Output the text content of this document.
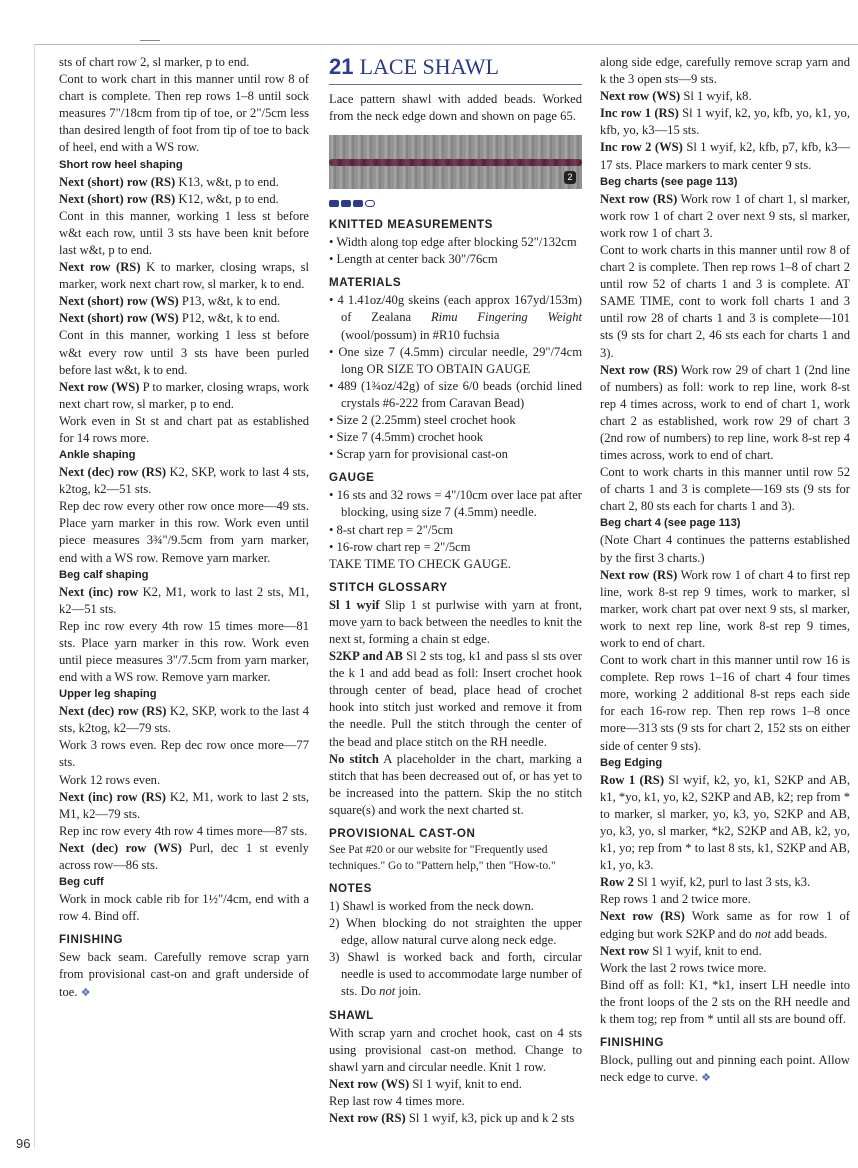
sts of chart row 2, sl marker, p to end.

Cont to work chart in this manner until row 8 of chart is complete. Then rep rows 1–8 until sock measures 7"/18cm from tip of toe, or 2"/5cm less than desired length of foot from tip of toe to back of heel, end with a WS row.

Short row heel shaping

Next (short) row (RS) K13, w&t, p to end.

Next (short) row (RS) K12, w&t, p to end.

Cont in this manner, working 1 less st before w&t each row, until 3 sts have been knit before last w&t, p to end.

Next row (RS) K to marker, closing wraps, sl marker, work next chart row, sl marker, k to end.

Next (short) row (WS) P13, w&t, k to end.

Next (short) row (WS) P12, w&t, k to end.

Cont in this manner, working 1 less st before w&t every row until 3 sts have been purled before last w&t, k to end.

Next row (WS) P to marker, closing wraps, work next chart row, sl marker, p to end.

Work even in St st and chart pat as established for 14 rows more.

Ankle shaping

Next (dec) row (RS) K2, SKP, work to last 4 sts, k2tog, k2—51 sts.

Rep dec row every other row once more—49 sts. Place yarn marker in this row. Work even until piece measures 3¾"/9.5cm from yarn marker, end with a WS row. Remove yarn marker.

Beg calf shaping

Next (inc) row K2, M1, work to last 2 sts, M1, k2—51 sts.

Rep inc row every 4th row 15 times more—81 sts. Place yarn marker in this row. Work even until piece measures 3"/7.5cm from yarn marker, end with a WS row. Remove yarn marker.

Upper leg shaping

Next (dec) row (RS) K2, SKP, work to the last 4 sts, k2tog, k2—79 sts.

Work 3 rows even. Rep dec row once more—77 sts.

Work 12 rows even.

Next (inc) row (RS) K2, M1, work to last 2 sts, M1, k2—79 sts.

Rep inc row every 4th row 4 times more—87 sts.

Next (dec) row (WS) Purl, dec 1 st evenly across row—86 sts.

Beg cuff

Work in mock cable rib for 1½"/4cm, end with a row 4. Bind off.

FINISHING

Sew back seam. Carefully remove scrap yarn from provisional cast-on and graft underside of toe. ❖

21 LACE SHAWL

Lace pattern shawl with added beads. Worked from the neck edge down and shown on page 65.

2

KNITTED MEASUREMENTS

• Width along top edge after blocking 52"/132cm

• Length at center back 30"/76cm

MATERIALS

• 4 1.41oz/40g skeins (each approx 167yd/153m) of Zealana Rimu Fingering Weight (wool/possum) in #R10 fuchsia

• One size 7 (4.5mm) circular needle, 29"/74cm long OR SIZE TO OBTAIN GAUGE

• 489 (1¾oz/42g) of size 6/0 beads (orchid lined crystals #6-222 from Caravan Bead)

• Size 2 (2.25mm) steel crochet hook

• Size 7 (4.5mm) crochet hook

• Scrap yarn for provisional cast-on

GAUGE

• 16 sts and 32 rows = 4"/10cm over lace pat after blocking, using size 7 (4.5mm) needle.

• 8-st chart rep = 2"/5cm

• 16-row chart rep = 2"/5cm

TAKE TIME TO CHECK GAUGE.

STITCH GLOSSARY

Sl 1 wyif Slip 1 st purlwise with yarn at front, move yarn to back between the needles to knit the next st, forming a chain st edge.

S2KP and AB Sl 2 sts tog, k1 and pass sl sts over the k 1 and add bead as foll: Insert crochet hook through center of bead, place head of crochet hook into stitch just worked and remove it from the needle. Pull the stitch through the center of the bead and place stitch on the RH needle.

No stitch A placeholder in the chart, marking a stitch that has been decreased out of, or has yet to be increased into the pattern. Skip the no stitch square(s) and work the next charted st.

PROVISIONAL CAST-ON

See Pat #20 or our website for "Frequently used techniques." Go to "Pattern help," then "How-to."

NOTES

1) Shawl is worked from the neck down.

2) When blocking do not straighten the upper edge, allow natural curve along neck edge.

3) Shawl is worked back and forth, circular needle is used to accommodate large number of sts. Do not join.

SHAWL

With scrap yarn and crochet hook, cast on 4 sts using provisional cast-on method. Change to shawl yarn and circular needle. Knit 1 row.

Next row (WS) Sl 1 wyif, knit to end.

Rep last row 4 times more.

Next row (RS) Sl 1 wyif, k3, pick up and k 2 sts

along side edge, carefully remove scrap yarn and k the 3 open sts—9 sts.

Next row (WS) Sl 1 wyif, k8.

Inc row 1 (RS) Sl 1 wyif, k2, yo, kfb, yo, k1, yo, kfb, yo, k3—15 sts.

Inc row 2 (WS) Sl 1 wyif, k2, kfb, p7, kfb, k3—17 sts. Place markers to mark center 9 sts.

Beg charts (see page 113)

Next row (RS) Work row 1 of chart 1, sl marker, work row 1 of chart 2 over next 9 sts, sl marker, work row 1 of chart 3.

Cont to work charts in this manner until row 8 of chart 2 is complete. Then rep rows 1–8 of chart 2 until row 52 of charts 1 and 3 is complete. AT SAME TIME, cont to work foll charts 1 and 3 until row 28 of charts 1 and 3 is complete—101 sts (9 sts for chart 2, 46 sts each for charts 1 and 3).

Next row (RS) Work row 29 of chart 1 (2nd line of numbers) as foll: work to rep line, work 8-st rep 4 times across, work to end of chart 1, work chart 2 as established, work row 29 of chart 3 (2nd row of numbers) to rep line, work 8-st rep 4 times across, work to end of chart.

Cont to work charts in this manner until row 52 of charts 1 and 3 is complete—169 sts (9 sts for chart 2, 80 sts each for charts 1 and 3).

Beg chart 4 (see page 113)

(Note Chart 4 continues the patterns established by the first 3 charts.)

Next row (RS) Work row 1 of chart 4 to first rep line, work 8-st rep 9 times, work to marker, sl marker, work chart pat over next 9 sts, sl marker, work to next rep line, work 8-st rep 9 times, work to end of chart.

Cont to work chart in this manner until row 16 is complete. Rep rows 1–16 of chart 4 four times more, working 2 additional 8-st reps each side for each 16-row rep. Then rep rows 1–8 once more—313 sts (9 sts for chart 2, 152 sts on either side of center 9 sts).

Beg Edging

Row 1 (RS) Sl wyif, k2, yo, k1, S2KP and AB, k1, *yo, k1, yo, k2, S2KP and AB, k2; rep from * to marker, sl marker, yo, k3, yo, S2KP and AB, yo, k3, yo, sl marker, *k2, S2KP and AB, k2, yo, k1, yo; rep from * to last 8 sts, k1, S2KP and AB, k1, yo, k3.

Row 2 Sl 1 wyif, k2, purl to last 3 sts, k3.

Rep rows 1 and 2 twice more.

Next row (RS) Work same as for row 1 of edging but work S2KP and do not add beads.

Next row Sl 1 wyif, knit to end.

Work the last 2 rows twice more.

Bind off as foll: K1, *k1, insert LH needle into the front loops of the 2 sts on the RH needle and k them tog; rep from * until all sts are bound off.

FINISHING

Block, pulling out and pinning each point. Allow neck edge to curve. ❖

96
